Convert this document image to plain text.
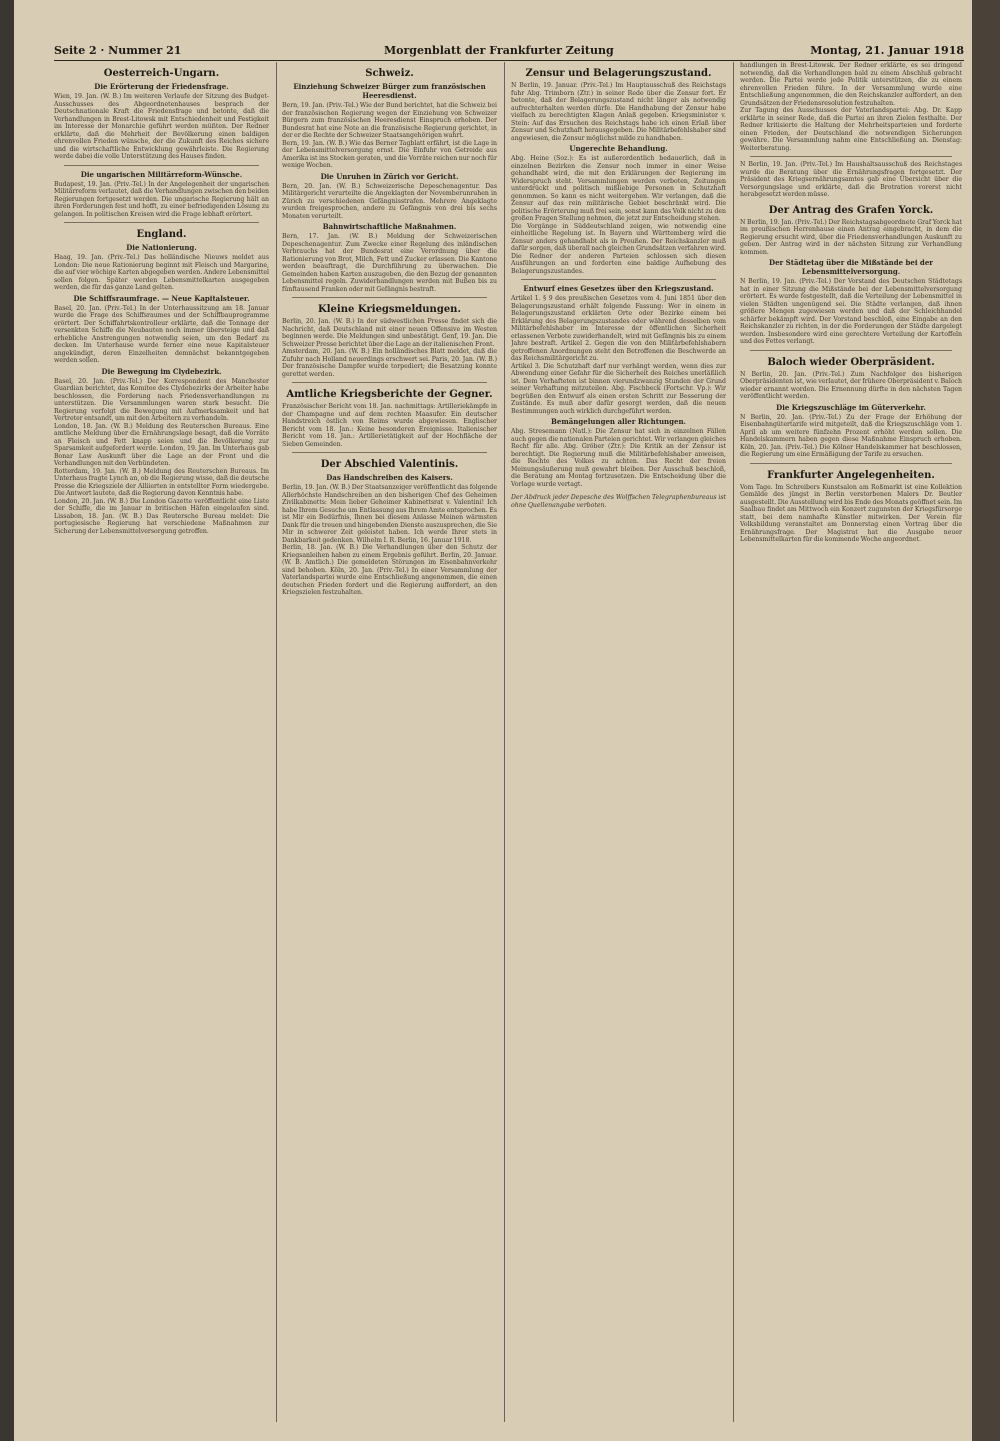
Seite 2 · Nummer 21	Morgenblatt der Frankfurter Zeitung	Montag, 21. Januar 1918
Oesterreich-Ungarn.
Die Erörterung der Friedensfrage.

Wien, 19. Jan. (W. B.) Im weiteren Verlaufe der Sitzung des Budget-Ausschusses des Abgeordnetenhauses besprach der Deutschnationale Kraft die Friedensfrage und betonte, daß die Verhandlungen in Brest-Litowsk mit Entschiedenheit und Festigkeit im Interesse der Monarchie geführt werden müßten. Der Redner erklärte, daß die Mehrheit der Bevölkerung einen baldigen ehrenvollen Frieden wünsche, der die Zukunft des Reiches sichere und die wirtschaftliche Entwicklung gewährleiste. Die Regierung werde dabei die volle Unterstützung des Hauses finden.

Die ungarischen Militärreform-Wünsche.

Budapest, 19. Jan. (Priv.-Tel.) In der Angelegenheit der ungarischen Militärreform verlautet, daß die Verhandlungen zwischen den beiden Regierungen fortgesetzt werden. Die ungarische Regierung hält an ihren Forderungen fest und hofft, zu einer befriedigenden Lösung zu gelangen. In politischen Kreisen wird die Frage lebhaft erörtert.

England.
Die Nationierung.

Haag, 19. Jan. (Priv.-Tel.) Das holländische Nieuws meldet aus London: Die neue Rationierung beginnt mit Fleisch und Margarine, die auf vier wöchige Karten abgegeben werden. Andere Lebensmittel sollen folgen. Später werden Lebensmittelkarten ausgegeben werden, die für das ganze Land gelten.

Die Schiffsraumfrage. — Neue Kapitalsteuer.

Basel, 20. Jan. (Priv.-Tel.) In der Unterhaussitzung am 18. Januar wurde die Frage des Schiffsraumes und der Schiffbauprogramme erörtert. Der Schiffahrtskontrolleur erklärte, daß die Tonnage der versenkten Schiffe die Neubauten noch immer übersteige und daß erhebliche Anstrengungen notwendig seien, um den Bedarf zu decken. Im Unterhause wurde ferner eine neue Kapitalsteuer angekündigt, deren Einzelheiten demnächst bekanntgegeben werden sollen.

Die Bewegung im Clydebezirk.

Basel, 20. Jan. (Priv.-Tel.) Der Korrespondent des Manchester Guardian berichtet, das Komitee des Clydebezirks der Arbeiter habe beschlossen, die Forderung nach Friedensverhandlungen zu unterstützen. Die Versammlungen waren stark besucht. Die Regierung verfolgt die Bewegung mit Aufmerksamkeit und hat Vertreter entsandt, um mit den Arbeitern zu verhandeln.

London, 18. Jan. (W. B.) Meldung des Reuterschen Bureaus. Eine amtliche Meldung über die Ernährungslage besagt, daß die Vorräte an Fleisch und Fett knapp seien und die Bevölkerung zur Sparsamkeit aufgefordert werde. London, 19. Jan. Im Unterhaus gab Bonar Law Auskunft über die Lage an der Front und die Verhandlungen mit den Verbündeten.

Rotterdam, 19. Jan. (W. B.) Meldung des Reuterschen Bureaus. Im Unterhaus fragte Lynch an, ob die Regierung wisse, daß die deutsche Presse die Kriegsziele der Alliierten in entstellter Form wiedergebe. Die Antwort lautete, daß die Regierung davon Kenntnis habe.

London, 20. Jan. (W. B.) Die London Gazette veröffentlicht eine Liste der Schiffe, die im Januar in britischen Häfen eingelaufen sind. Lissabon, 18. Jan. (W. B.) Das Reutersche Bureau meldet: Die portugiesische Regierung hat verschiedene Maßnahmen zur Sicherung der Lebensmittelversorgung getroffen.

Schweiz.
Einziehung Schweizer Bürger zum französischen Heeresdienst.

Bern, 19. Jan. (Priv.-Tel.) Wie der Bund berichtet, hat die Schweiz bei der französischen Regierung wegen der Einziehung von Schweizer Bürgern zum französischen Heeresdienst Einspruch erhoben. Der Bundesrat hat eine Note an die französische Regierung gerichtet, in der er die Rechte der Schweizer Staatsangehörigen wahrt.

Bern, 19. Jan. (W. B.) Wie das Berner Tagblatt erfährt, ist die Lage in der Lebensmittelversorgung ernst. Die Einfuhr von Getreide aus Amerika ist ins Stocken geraten, und die Vorräte reichen nur noch für wenige Wochen.

Die Unruhen in Zürich vor Gericht.

Bern, 20. Jan. (W. B.) Schweizerische Depeschenagentur. Das Militärgericht verurteilte die Angeklagten der Novemberunruhen in Zürich zu verschiedenen Gefängnisstrafen. Mehrere Angeklagte wurden freigesprochen, andere zu Gefängnis von drei bis sechs Monaten verurteilt.

Bahnwirtschaftliche Maßnahmen.

Bern, 17. Jan. (W. B.) Meldung der Schweizerischen Depeschenagentur. Zum Zwecke einer Regelung des inländischen Verbrauchs hat der Bundesrat eine Verordnung über die Rationierung von Brot, Milch, Fett und Zucker erlassen. Die Kantone werden beauftragt, die Durchführung zu überwachen. Die Gemeinden haben Karten auszugeben, die den Bezug der genannten Lebensmittel regeln. Zuwiderhandlungen werden mit Bußen bis zu fünftausend Franken oder mit Gefängnis bestraft.

Kleine Kriegsmeldungen.

Berlin, 20. Jan. (W. B.) In der südwestlichen Presse findet sich die Nachricht, daß Deutschland mit einer neuen Offensive im Westen beginnen werde. Die Meldungen sind unbestätigt. Genf, 19. Jan. Die Schweizer Presse berichtet über die Lage an der italienischen Front.

Amsterdam, 20. Jan. (W. B.) Ein holländisches Blatt meldet, daß die Zufuhr nach Holland neuerdings erschwert sei. Paris, 20. Jan. (W. B.) Der französische Dampfer wurde torpediert; die Besatzung konnte gerettet werden.

Amtliche Kriegsberichte der Gegner.

Französischer Bericht vom 18. Jan. nachmittags: Artilleriekämpfe in der Champagne und auf dem rechten Maasufer. Ein deutscher Handstreich östlich von Reims wurde abgewiesen. Englischer Bericht vom 18. Jan.: Keine besonderen Ereignisse. Italienischer Bericht vom 18. Jan.: Artillerietätigkeit auf der Hochfläche der Sieben Gemeinden.

Der Abschied Valentinis.
Das Handschreiben des Kaisers.

Berlin, 19. Jan. (W. B.) Der Staatsanzeiger veröffentlicht das folgende Allerhöchste Handschreiben an den bisherigen Chef des Geheimen Zivilkabinetts: Mein lieber Geheimer Kabinettsrat v. Valentini! Ich habe Ihrem Gesuche um Entlassung aus Ihrem Amte entsprochen. Es ist Mir ein Bedürfnis, Ihnen bei diesem Anlasse Meinen wärmsten Dank für die treuen und hingebenden Dienste auszusprechen, die Sie Mir in schwerer Zeit geleistet haben. Ich werde Ihrer stets in Dankbarkeit gedenken. Wilhelm I. R. Berlin, 16. Januar 1918.

Berlin, 18. Jan. (W. B.) Die Verhandlungen über den Schutz der Kriegsanleihen haben zu einem Ergebnis geführt. Berlin, 20. Januar. (W. B. Amtlich.) Die gemeldeten Störungen im Eisenbahnverkehr sind behoben. Köln, 20. Jan. (Priv.-Tel.) In einer Versammlung der Vaterlandspartei wurde eine Entschließung angenommen, die einen deutschen Frieden fordert und die Regierung auffordert, an den Kriegszielen festzuhalten.

Zensur und Belagerungszustand.

N Berlin, 19. Januar. (Priv.-Tel.) Im Hauptausschuß des Reichstags fuhr Abg. Trimborn (Ztr.) in seiner Rede über die Zensur fort. Er betonte, daß der Belagerungszustand nicht länger als notwendig aufrechterhalten werden dürfe. Die Handhabung der Zensur habe vielfach zu berechtigten Klagen Anlaß gegeben. Kriegsminister v. Stein: Auf das Ersuchen des Reichstags habe ich einen Erlaß über Zensur und Schutzhaft herausgegeben. Die Militärbefehlshaber sind angewiesen, die Zensur möglichst milde zu handhaben.

Ungerechte Behandlung.

Abg. Heine (Soz.): Es ist außerordentlich bedauerlich, daß in einzelnen Bezirken die Zensur noch immer in einer Weise gehandhabt wird, die mit den Erklärungen der Regierung im Widerspruch steht. Versammlungen werden verboten, Zeitungen unterdrückt und politisch mißliebige Personen in Schutzhaft genommen. So kann es nicht weitergehen. Wir verlangen, daß die Zensur auf das rein militärische Gebiet beschränkt wird. Die politische Erörterung muß frei sein, sonst kann das Volk nicht zu den großen Fragen Stellung nehmen, die jetzt zur Entscheidung stehen.

Die Vorgänge in Süddeutschland zeigen, wie notwendig eine einheitliche Regelung ist. In Bayern und Württemberg wird die Zensur anders gehandhabt als in Preußen. Der Reichskanzler muß dafür sorgen, daß überall nach gleichen Grundsätzen verfahren wird. Die Redner der anderen Parteien schlossen sich diesen Ausführungen an und forderten eine baldige Aufhebung des Belagerungszustandes.

Entwurf eines Gesetzes über den Kriegszustand.

Artikel 1. § 9 des preußischen Gesetzes vom 4. Juni 1851 über den Belagerungszustand erhält folgende Fassung: Wer in einem in Belagerungszustand erklärten Orte oder Bezirke einem bei Erklärung des Belagerungszustandes oder während desselben vom Militärbefehlshaber im Interesse der öffentlichen Sicherheit erlassenen Verbote zuwiderhandelt, wird mit Gefängnis bis zu einem Jahre bestraft. Artikel 2. Gegen die von den Militärbefehlshabern getroffenen Anordnungen steht den Betroffenen die Beschwerde an das Reichsmilitärgericht zu.

Artikel 3. Die Schutzhaft darf nur verhängt werden, wenn dies zur Abwendung einer Gefahr für die Sicherheit des Reiches unerläßlich ist. Dem Verhafteten ist binnen vierundzwanzig Stunden der Grund seiner Verhaftung mitzuteilen. Abg. Fischbeck (Fortschr. Vp.): Wir begrüßen den Entwurf als einen ersten Schritt zur Besserung der Zustände. Es muß aber dafür gesorgt werden, daß die neuen Bestimmungen auch wirklich durchgeführt werden.

Bemängelungen aller Richtungen.

Abg. Stresemann (Natl.): Die Zensur hat sich in einzelnen Fällen auch gegen die nationalen Parteien gerichtet. Wir verlangen gleiches Recht für alle. Abg. Gröber (Ztr.): Die Kritik an der Zensur ist berechtigt. Die Regierung muß die Militärbefehlshaber anweisen, die Rechte des Volkes zu achten. Das Recht der freien Meinungsäußerung muß gewahrt bleiben. Der Ausschuß beschloß, die Beratung am Montag fortzusetzen. Die Entscheidung über die Vorlage wurde vertagt.

Der Abdruck jeder Depesche des Wolffschen Telegraphenbureaus ist ohne Quellenangabe verboten.

handlungen in Brest-Litowsk. Der Redner erklärte, es sei dringend notwendig, daß die Verhandlungen bald zu einem Abschluß gebracht werden. Die Partei werde jede Politik unterstützen, die zu einem ehrenvollen Frieden führe. In der Versammlung wurde eine Entschließung angenommen, die den Reichskanzler auffordert, an den Grundsätzen der Friedensresolution festzuhalten.

Zur Tagung des Ausschusses der Vaterlandspartei: Abg. Dr. Kapp erklärte in seiner Rede, daß die Partei an ihren Zielen festhalte. Der Redner kritisierte die Haltung der Mehrheitsparteien und forderte einen Frieden, der Deutschland die notwendigen Sicherungen gewähre. Die Versammlung nahm eine Entschließung an. Dienstag: Weiterberatung.

N Berlin, 19. Jan. (Priv.-Tel.) Im Haushaltsausschuß des Reichstages wurde die Beratung über die Ernährungsfragen fortgesetzt. Der Präsident des Kriegsernährungsamtes gab eine Übersicht über die Versorgungslage und erklärte, daß die Brotration vorerst nicht herabgesetzt werden müsse.

Der Antrag des Grafen Yorck.

N Berlin, 19. Jan. (Priv.-Tel.) Der Reichstagsabgeordnete Graf Yorck hat im preußischen Herrenhause einen Antrag eingebracht, in dem die Regierung ersucht wird, über die Friedensverhandlungen Auskunft zu geben. Der Antrag wird in der nächsten Sitzung zur Verhandlung kommen.

Der Städtetag über die Mißstände bei der Lebensmittelversorgung.

N Berlin, 19. Jan. (Priv.-Tel.) Der Vorstand des Deutschen Städtetags hat in einer Sitzung die Mißstände bei der Lebensmittelversorgung erörtert. Es wurde festgestellt, daß die Verteilung der Lebensmittel in vielen Städten ungenügend sei. Die Städte verlangen, daß ihnen größere Mengen zugewiesen werden und daß der Schleichhandel schärfer bekämpft wird. Der Vorstand beschloß, eine Eingabe an den Reichskanzler zu richten, in der die Forderungen der Städte dargelegt werden. Insbesondere wird eine gerechtere Verteilung der Kartoffeln und des Fettes verlangt.

Baloch wieder Oberpräsident.

N Berlin, 20. Jan. (Priv.-Tel.) Zum Nachfolger des bisherigen Oberpräsidenten ist, wie verlautet, der frühere Oberpräsident v. Baloch wieder ernannt worden. Die Ernennung dürfte in den nächsten Tagen veröffentlicht werden.

Die Kriegszuschläge im Güterverkehr.

N Berlin, 20. Jan. (Priv.-Tel.) Zu der Frage der Erhöhung der Eisenbahngütertarife wird mitgeteilt, daß die Kriegszuschläge vom 1. April ab um weitere fünfzehn Prozent erhöht werden sollen. Die Handelskammern haben gegen diese Maßnahme Einspruch erhoben. Köln, 20. Jan. (Priv.-Tel.) Die Kölner Handelskammer hat beschlossen, die Regierung um eine Ermäßigung der Tarife zu ersuchen.

Frankfurter Angelegenheiten.

Vom Tage. Im Schreibers Kunstsalon am Roßmarkt ist eine Kollektion Gemälde des jüngst in Berlin verstorbenen Malers Dr. Beutler ausgestellt. Die Ausstellung wird bis Ende des Monats geöffnet sein. Im Saalbau findet am Mittwoch ein Konzert zugunsten der Kriegsfürsorge statt, bei dem namhafte Künstler mitwirken. Der Verein für Volksbildung veranstaltet am Donnerstag einen Vortrag über die Ernährungsfrage. Der Magistrat hat die Ausgabe neuer Lebensmittelkarten für die kommende Woche angeordnet.
